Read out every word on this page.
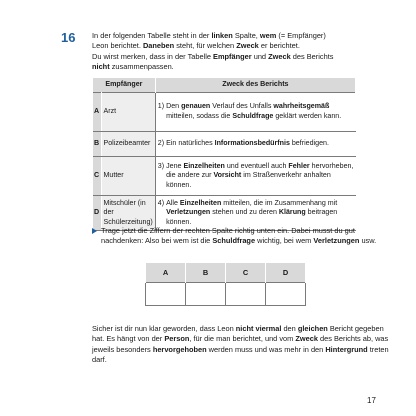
16 In der folgenden Tabelle steht in der linken Spalte, wem (= Empfänger)
Leon berichtet. Daneben steht, für welchen Zweck er berichtet.
Du wirst merken, dass in der Tabelle Empfänger und Zweck des Berichts
nicht zusammenpassen.
Empfänger		Zweck des Berichts
A	Arzt	1) Den genauen Verlauf des Unfalls wahrheitsgemäß mitteilen, sodass die Schuldfrage geklärt werden kann.

B	Polizeibeamter	2) Ein natürliches Informationsbedürfnis befriedigen.

C	Mutter	3) Jene Einzelheiten und eventuell auch Fehler hervorheben, die andere zur Vorsicht im Straßenverkehr anhalten können.

D	Mitschüler (in der Schülerzeitung)	4) Alle Einzelheiten mitteilen, die im Zusammenhang mit Verletzungen stehen und zu deren Klärung beitragen können.
Trage jetzt die Ziffern der rechten Spalte richtig unten ein. Dabei musst du gut nachdenken: Also bei wem ist die Schuldfrage wichtig, bei wem Verletzungen usw.
A	B	C	D

Sicher ist dir nun klar geworden, dass Leon nicht viermal den gleichen Bericht gegeben hat. Es hängt von der Person, für die man berichtet, und vom Zweck des Berichts ab, was jeweils besonders hervorgehoben werden muss und was mehr in den Hintergrund treten darf.
17
